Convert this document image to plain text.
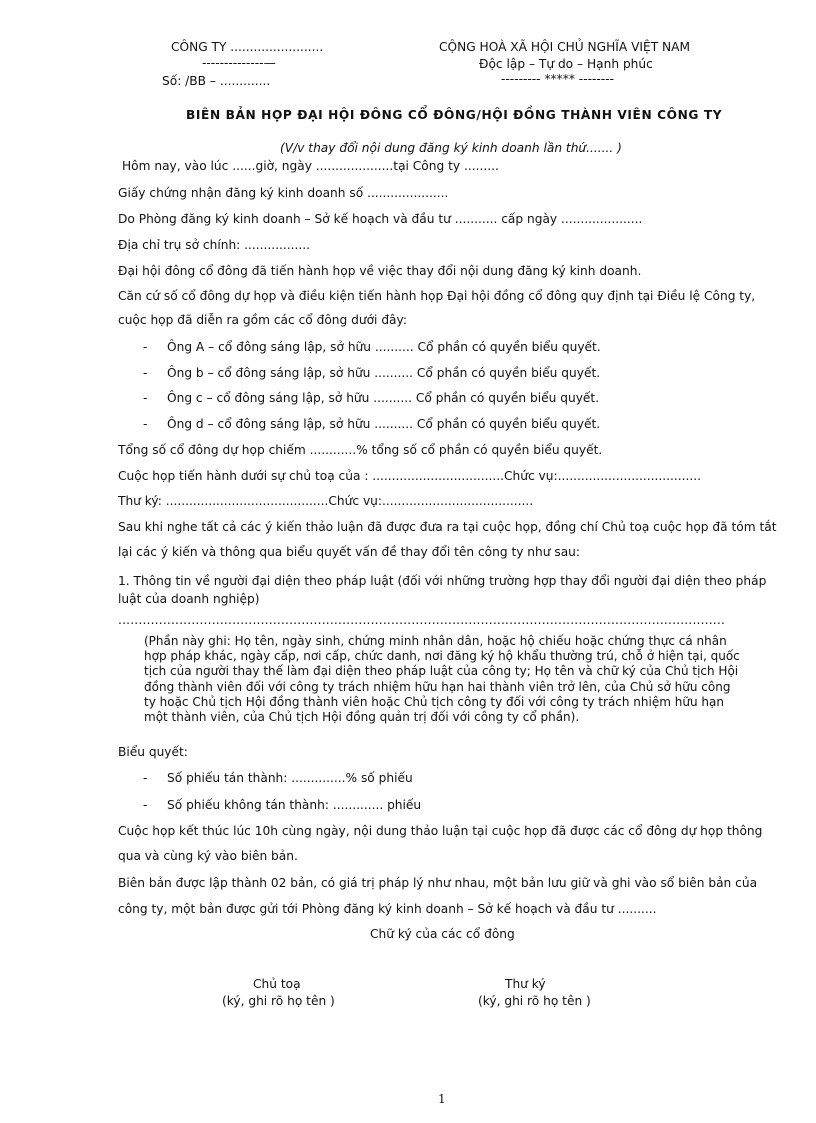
CÔNG TY ........................
--------------—
Số: /BB – .............
CỘNG HOÀ XÃ HỘI CHỦ NGHĨA VIỆT NAM
Độc lập – Tự do – Hạnh phúc
--------- ***** --------
BIÊN BẢN HỌP ĐẠI HỘI ĐÔNG CỔ ĐÔNG/HỘI ĐỒNG THÀNH VIÊN CÔNG TY
(V/v thay đổi nội dung đăng ký kinh doanh lần thứ....... )
Hôm nay, vào lúc ......giờ, ngày ....................tại Công ty .........
Giấy chứng nhận đăng ký kinh doanh số .....................
Do Phòng đăng ký kinh doanh – Sở kế hoạch và đầu tư ........... cấp ngày .....................
Địa chỉ trụ sở chính: .................
Đại hội đông cổ đông đã tiến hành họp về việc thay đổi nội dung đăng ký kinh doanh.
Căn cứ số cổ đông dự họp và điều kiện tiến hành họp Đại hội đồng cổ đông quy định tại Điều lệ Công ty,
cuộc họp đã diễn ra gồm các cổ đông dưới đây:
- Ông A – cổ đông sáng lập, sở hữu .......... Cổ phần có quyền biểu quyết.
- Ông b – cổ đông sáng lập, sở hữu .......... Cổ phần có quyền biểu quyết.
- Ông c – cổ đông sáng lập, sở hữu .......... Cổ phần có quyền biểu quyết.
- Ông d – cổ đông sáng lập, sở hữu .......... Cổ phần có quyền biểu quyết.
Tổng số cổ đông dự họp chiếm ............% tổng số cổ phần có quyền biểu quyết.
Cuộc họp tiến hành dưới sự chủ toạ của : ..................................Chức vụ:.....................................
Thư ký: ..........................................Chức vụ:.......................................
Sau khi nghe tất cả các ý kiến thảo luận đã được đưa ra tại cuộc họp, đồng chí Chủ toạ cuộc họp đã tóm tắt
lại các ý kiến và thông qua biểu quyết vấn đề thay đổi tên công ty như sau:
1. Thông tin về người đại diện theo pháp luật (đối với những trường hợp thay đổi người đại diện theo pháp
luật của doanh nghiệp)
.....................................................................................................................................................
(Phần này ghi: Họ tên, ngày sinh, chứng minh nhân dân, hoặc hộ chiếu hoặc chứng thực cá nhân hợp pháp khác, ngày cấp, nơi cấp, chức danh, nơi đăng ký hộ khẩu thường trú, chỗ ở hiện tại, quốc tịch của người thay thế làm đại diện theo pháp luật của công ty; Họ tên và chữ ký của Chủ tịch Hội đồng thành viên đối với công ty trách nhiệm hữu hạn hai thành viên trở lên, của Chủ sở hữu công ty hoặc Chủ tịch Hội đồng thành viên hoặc Chủ tịch công ty đối với công ty trách nhiệm hữu hạn một thành viên, của Chủ tịch Hội đồng quản trị đối với công ty cổ phần).
Biểu quyết:
- Số phiếu tán thành: ..............% số phiếu
- Số phiếu không tán thành: ............. phiếu
Cuộc họp kết thúc lúc 10h cùng ngày, nội dung thảo luận tại cuộc họp đã được các cổ đông dự họp thông
qua và cùng ký vào biên bản.
Biên bản được lập thành 02 bản, có giá trị pháp lý như nhau, một bản lưu giữ và ghi vào sổ biên bản của
công ty, một bản được gửi tới Phòng đăng ký kinh doanh – Sở kế hoạch và đầu tư ..........
Chữ ký của các cổ đông
Chủ toạ
(ký, ghi rõ họ tên )
Thư ký
(ký, ghi rõ họ tên )
1
